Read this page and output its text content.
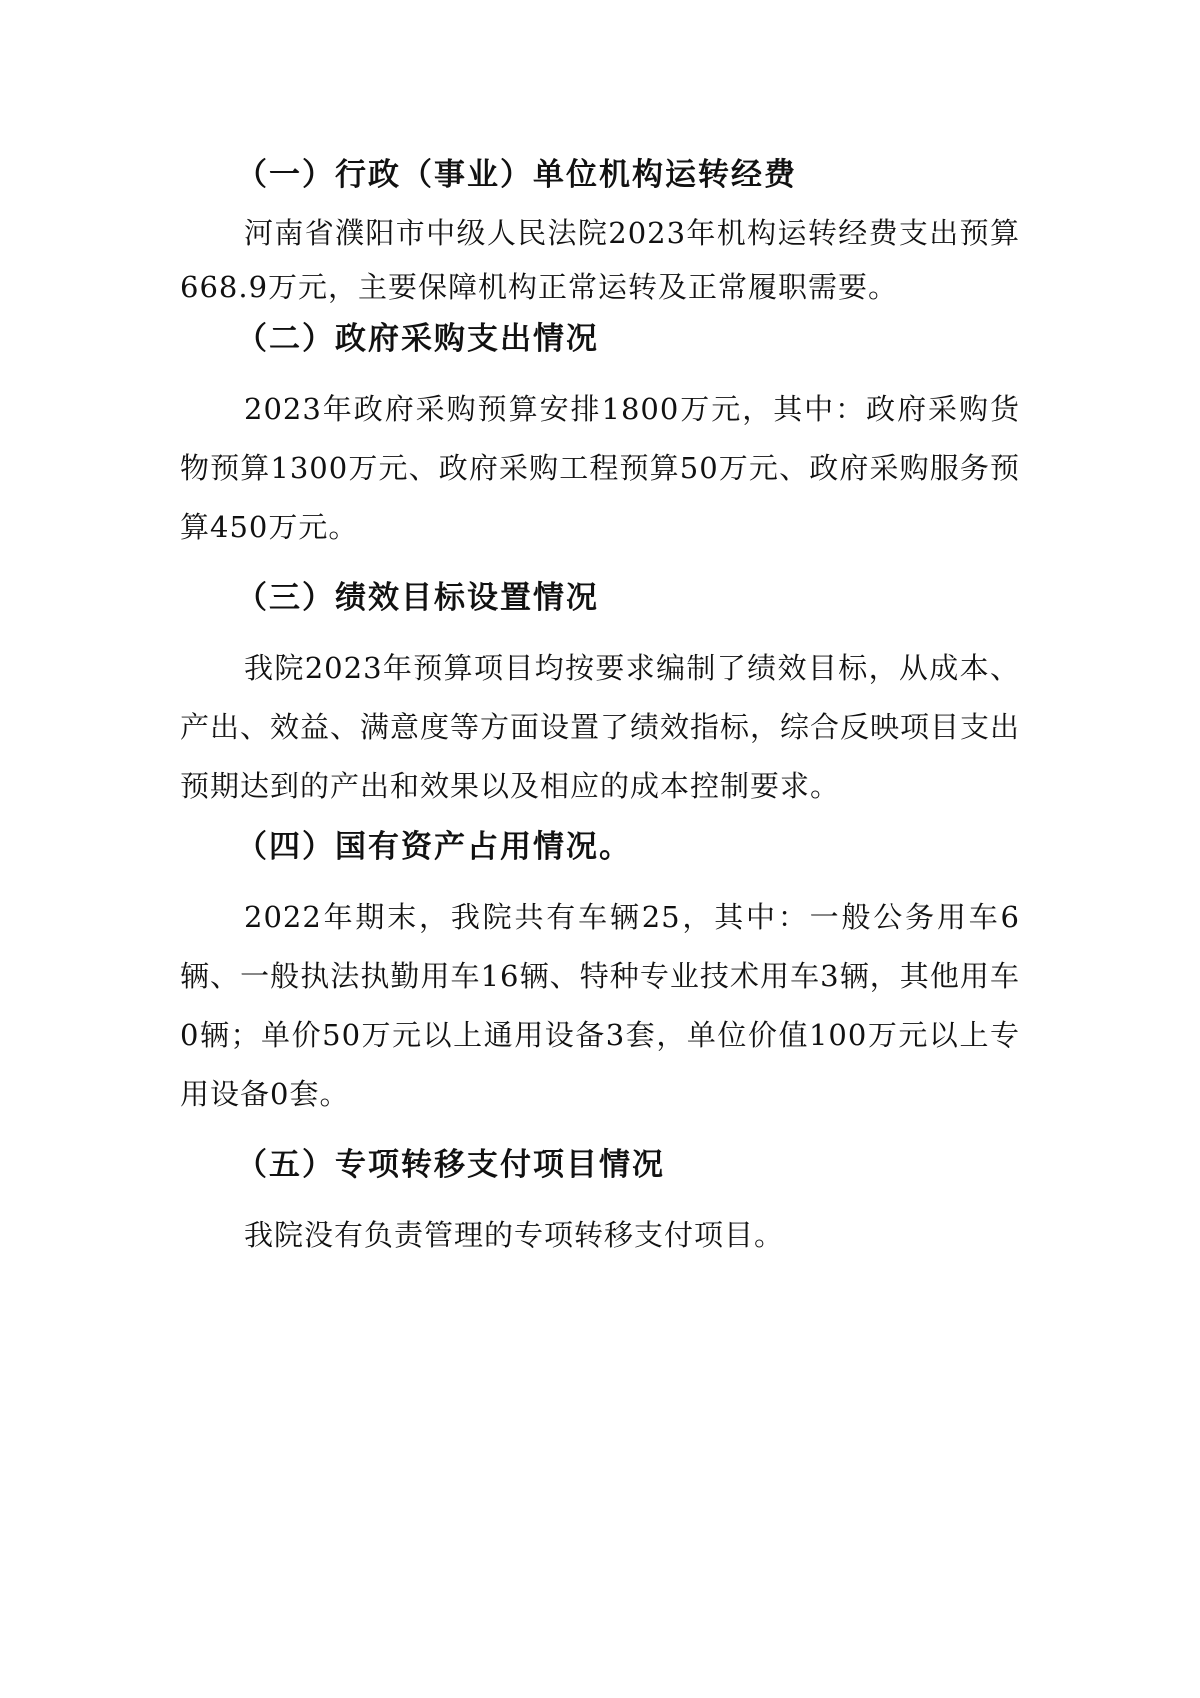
（一）行政（事业）单位机构运转经费

河南省濮阳市中级人民法院2023年机构运转经费支出预算668.9万元，主要保障机构正常运转及正常履职需要。

（二）政府采购支出情况

2023年政府采购预算安排1800万元，其中：政府采购货物预算1300万元、政府采购工程预算50万元、政府采购服务预算450万元。

（三）绩效目标设置情况

我院2023年预算项目均按要求编制了绩效目标，从成本、产出、效益、满意度等方面设置了绩效指标，综合反映项目支出预期达到的产出和效果以及相应的成本控制要求。

（四）国有资产占用情况。

2022年期末，我院共有车辆25，其中：一般公务用车6辆、一般执法执勤用车16辆、特种专业技术用车3辆，其他用车0辆；单价50万元以上通用设备3套，单位价值100万元以上专用设备0套。

（五）专项转移支付项目情况

我院没有负责管理的专项转移支付项目。
